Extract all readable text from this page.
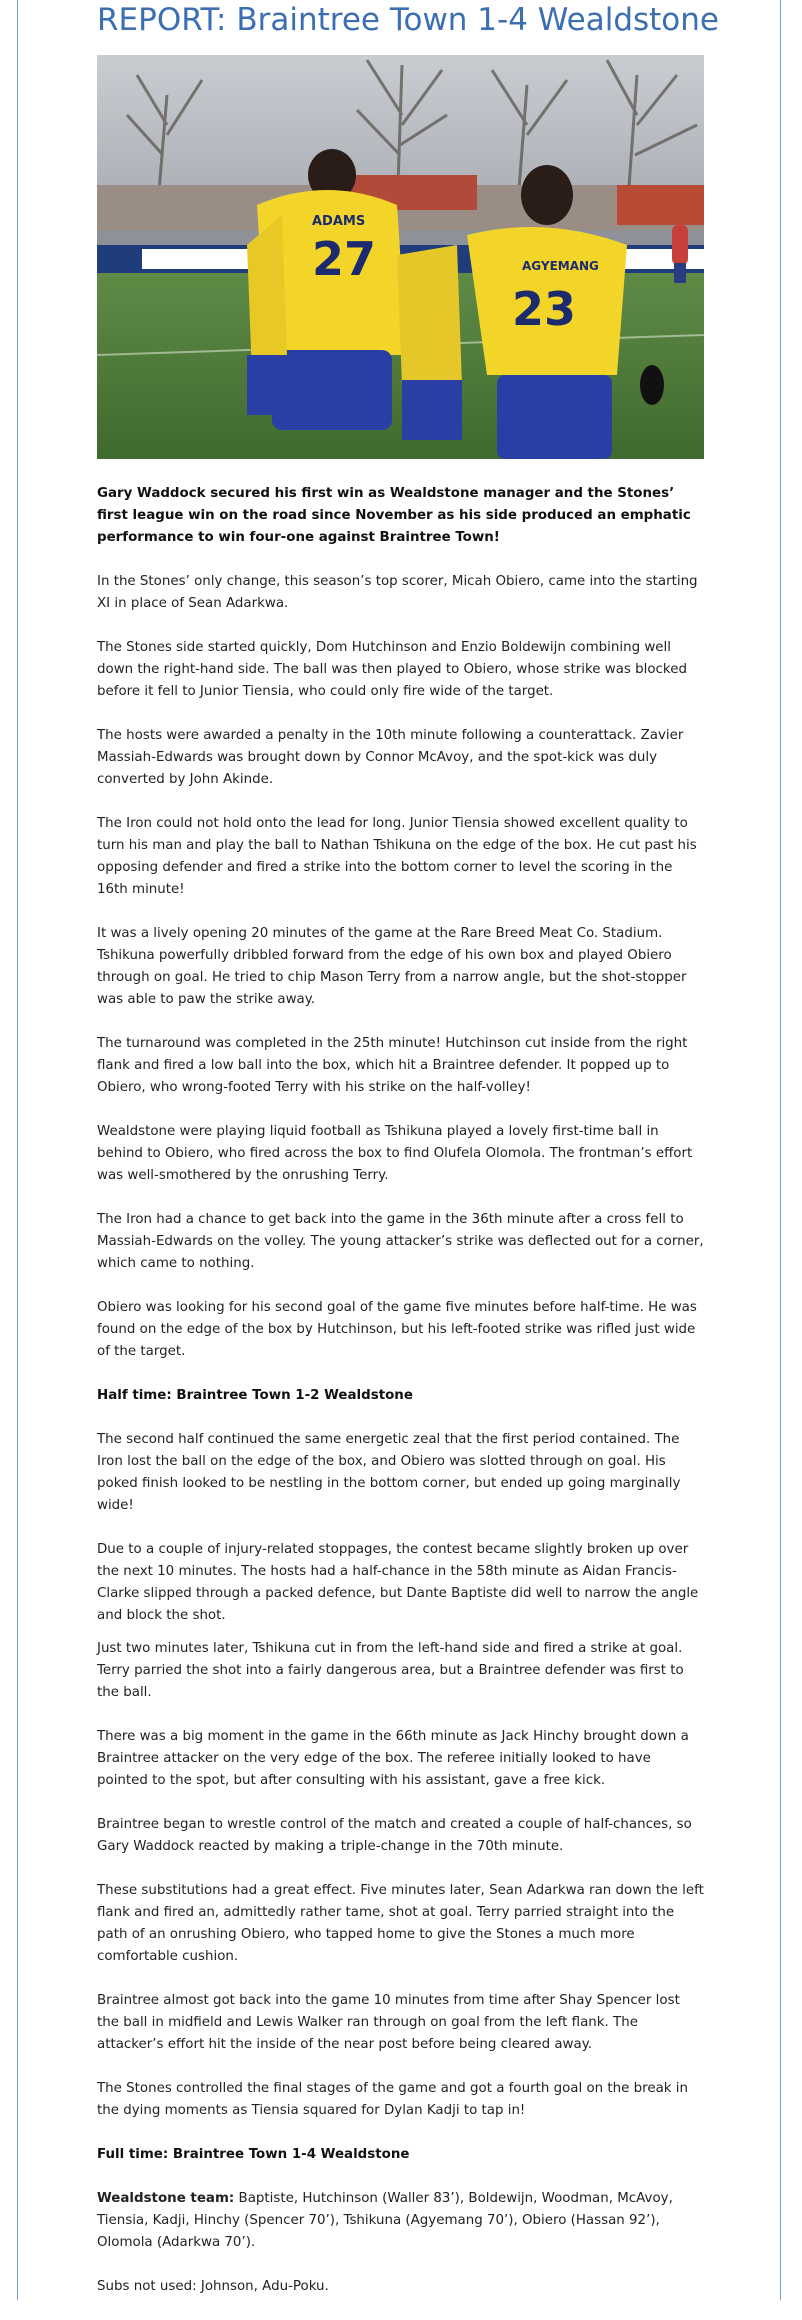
REPORT: Braintree Town 1-4 Wealdstone
27
ADAMS
23
AGYEMANG

Gary Waddock secured his first win as Wealdstone manager and the Stones’ first league win on the road since November as his side produced an emphatic performance to win four-one against Braintree Town!

In the Stones’ only change, this season’s top scorer, Micah Obiero, came into the starting XI in place of Sean Adarkwa.

The Stones side started quickly, Dom Hutchinson and Enzio Boldewijn combining well down the right-hand side. The ball was then played to Obiero, whose strike was blocked before it fell to Junior Tiensia, who could only fire wide of the target.

The hosts were awarded a penalty in the 10th minute following a counterattack. Zavier Massiah-Edwards was brought down by Connor McAvoy, and the spot-kick was duly converted by John Akinde.

The Iron could not hold onto the lead for long. Junior Tiensia showed excellent quality to turn his man and play the ball to Nathan Tshikuna on the edge of the box. He cut past his opposing defender and fired a strike into the bottom corner to level the scoring in the 16th minute!

It was a lively opening 20 minutes of the game at the Rare Breed Meat Co. Stadium. Tshikuna powerfully dribbled forward from the edge of his own box and played Obiero through on goal. He tried to chip Mason Terry from a narrow angle, but the shot-stopper was able to paw the strike away.

The turnaround was completed in the 25th minute! Hutchinson cut inside from the right flank and fired a low ball into the box, which hit a Braintree defender. It popped up to Obiero, who wrong-footed Terry with his strike on the half-volley!

Wealdstone were playing liquid football as Tshikuna played a lovely first-time ball in behind to Obiero, who fired across the box to find Olufela Olomola. The frontman’s effort was well-smothered by the onrushing Terry.

The Iron had a chance to get back into the game in the 36th minute after a cross fell to Massiah-Edwards on the volley. The young attacker’s strike was deflected out for a corner, which came to nothing.

Obiero was looking for his second goal of the game five minutes before half-time. He was found on the edge of the box by Hutchinson, but his left-footed strike was rifled just wide of the target.

Half time: Braintree Town 1-2 Wealdstone

The second half continued the same energetic zeal that the first period contained. The Iron lost the ball on the edge of the box, and Obiero was slotted through on goal. His poked finish looked to be nestling in the bottom corner, but ended up going marginally wide!

Due to a couple of injury-related stoppages, the contest became slightly broken up over the next 10 minutes. The hosts had a half-chance in the 58th minute as Aidan Francis-Clarke slipped through a packed defence, but Dante Baptiste did well to narrow the angle and block the shot.

Just two minutes later, Tshikuna cut in from the left-hand side and fired a strike at goal. Terry parried the shot into a fairly dangerous area, but a Braintree defender was first to the ball.

There was a big moment in the game in the 66th minute as Jack Hinchy brought down a Braintree attacker on the very edge of the box. The referee initially looked to have pointed to the spot, but after consulting with his assistant, gave a free kick.

Braintree began to wrestle control of the match and created a couple of half-chances, so Gary Waddock reacted by making a triple-change in the 70th minute.

These substitutions had a great effect. Five minutes later, Sean Adarkwa ran down the left flank and fired an, admittedly rather tame, shot at goal. Terry parried straight into the path of an onrushing Obiero, who tapped home to give the Stones a much more comfortable cushion.

Braintree almost got back into the game 10 minutes from time after Shay Spencer lost the ball in midfield and Lewis Walker ran through on goal from the left flank. The attacker’s effort hit the inside of the near post before being cleared away.

The Stones controlled the final stages of the game and got a fourth goal on the break in the dying moments as Tiensia squared for Dylan Kadji to tap in!

Full time: Braintree Town 1-4 Wealdstone

Wealdstone team: Baptiste, Hutchinson (Waller 83’), Boldewijn, Woodman, McAvoy, Tiensia, Kadji, Hinchy (Spencer 70’), Tshikuna (Agyemang 70’), Obiero (Hassan 92’), Olomola (Adarkwa 70’).

Subs not used: Johnson, Adu-Poku.
